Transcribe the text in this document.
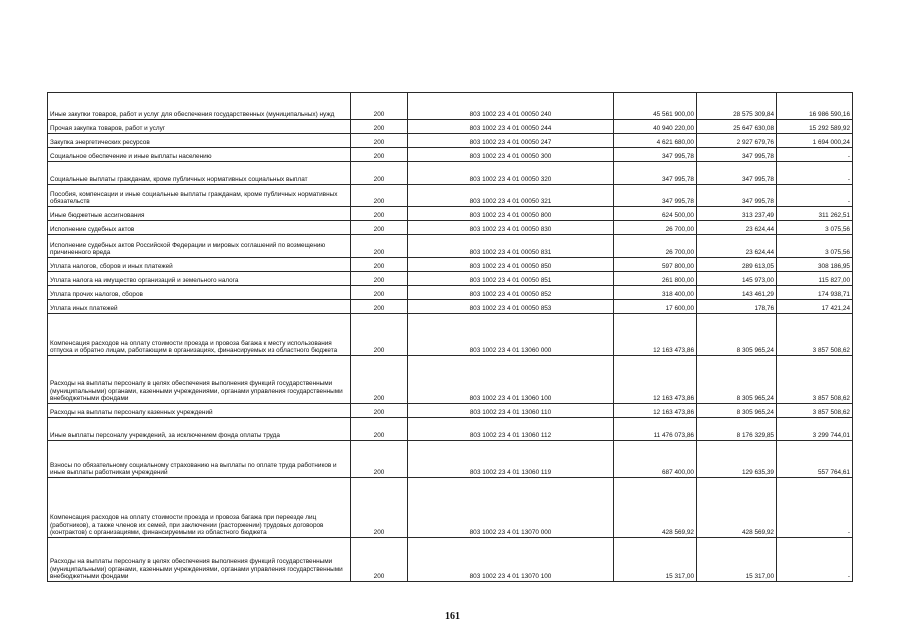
Иные закупки товаров, работ и услуг для обеспечения государственных (муниципальных) нужд	200	803 1002 23 4 01 00050 240	45 561 900,00	28 575 309,84	16 986 590,16
Прочая закупка товаров, работ и услуг	200	803 1002 23 4 01 00050 244	40 940 220,00	25 647 630,08	15 292 589,92
Закупка энергетических ресурсов	200	803 1002 23 4 01 00050 247	4 621 680,00	2 927 679,76	1 694 000,24
Социальное обеспечение и иные выплаты населению	200	803 1002 23 4 01 00050 300	347 995,78	347 995,78	-
Социальные выплаты гражданам, кроме публичных нормативных социальных выплат	200	803 1002 23 4 01 00050 320	347 995,78	347 995,78	-
Пособия, компенсации и иные социальные выплаты гражданам, кроме публичных нормативных обязательств	200	803 1002 23 4 01 00050 321	347 995,78	347 995,78	-
Иные бюджетные ассигнования	200	803 1002 23 4 01 00050 800	624 500,00	313 237,49	311 262,51
Исполнение судебных актов	200	803 1002 23 4 01 00050 830	26 700,00	23 624,44	3 075,56
Исполнение судебных актов Российской Федерации и мировых соглашений по возмещению причиненного вреда	200	803 1002 23 4 01 00050 831	26 700,00	23 624,44	3 075,56
Уплата налогов, сборов и иных платежей	200	803 1002 23 4 01 00050 850	597 800,00	289 613,05	308 186,95
Уплата налога на имущество организаций и земельного налога	200	803 1002 23 4 01 00050 851	261 800,00	145 973,00	115 827,00
Уплата прочих налогов, сборов	200	803 1002 23 4 01 00050 852	318 400,00	143 461,29	174 938,71
Уплата иных платежей	200	803 1002 23 4 01 00050 853	17 600,00	178,76	17 421,24
Компенсация расходов на оплату стоимости проезда и провоза багажа к месту использования отпуска и обратно лицам, работающим в организациях, финансируемых из областного бюджета	200	803 1002 23 4 01 13060 000	12 163 473,86	8 305 965,24	3 857 508,62
Расходы на выплаты персоналу в целях обеспечения выполнения функций государственными (муниципальными) органами, казенными учреждениями, органами управления государственными внебюджетными фондами	200	803 1002 23 4 01 13060 100	12 163 473,86	8 305 965,24	3 857 508,62
Расходы на выплаты персоналу казенных учреждений	200	803 1002 23 4 01 13060 110	12 163 473,86	8 305 965,24	3 857 508,62
Иные выплаты персоналу учреждений, за исключением фонда оплаты труда	200	803 1002 23 4 01 13060 112	11 476 073,86	8 176 329,85	3 299 744,01
Взносы по обязательному социальному страхованию на выплаты по оплате труда работников и иные выплаты работникам учреждений	200	803 1002 23 4 01 13060 119	687 400,00	129 635,39	557 764,61
Компенсация расходов на оплату стоимости проезда и провоза багажа при переезде лиц (работников), а также членов их семей, при заключении (расторжении) трудовых договоров (контрактов) с организациями, финансируемыми из областного бюджета	200	803 1002 23 4 01 13070 000	428 569,92	428 569,92	-
Расходы на выплаты персоналу в целях обеспечения выполнения функций государственными (муниципальными) органами, казенными учреждениями, органами управления государственными внебюджетными фондами	200	803 1002 23 4 01 13070 100	15 317,00	15 317,00	-
161
